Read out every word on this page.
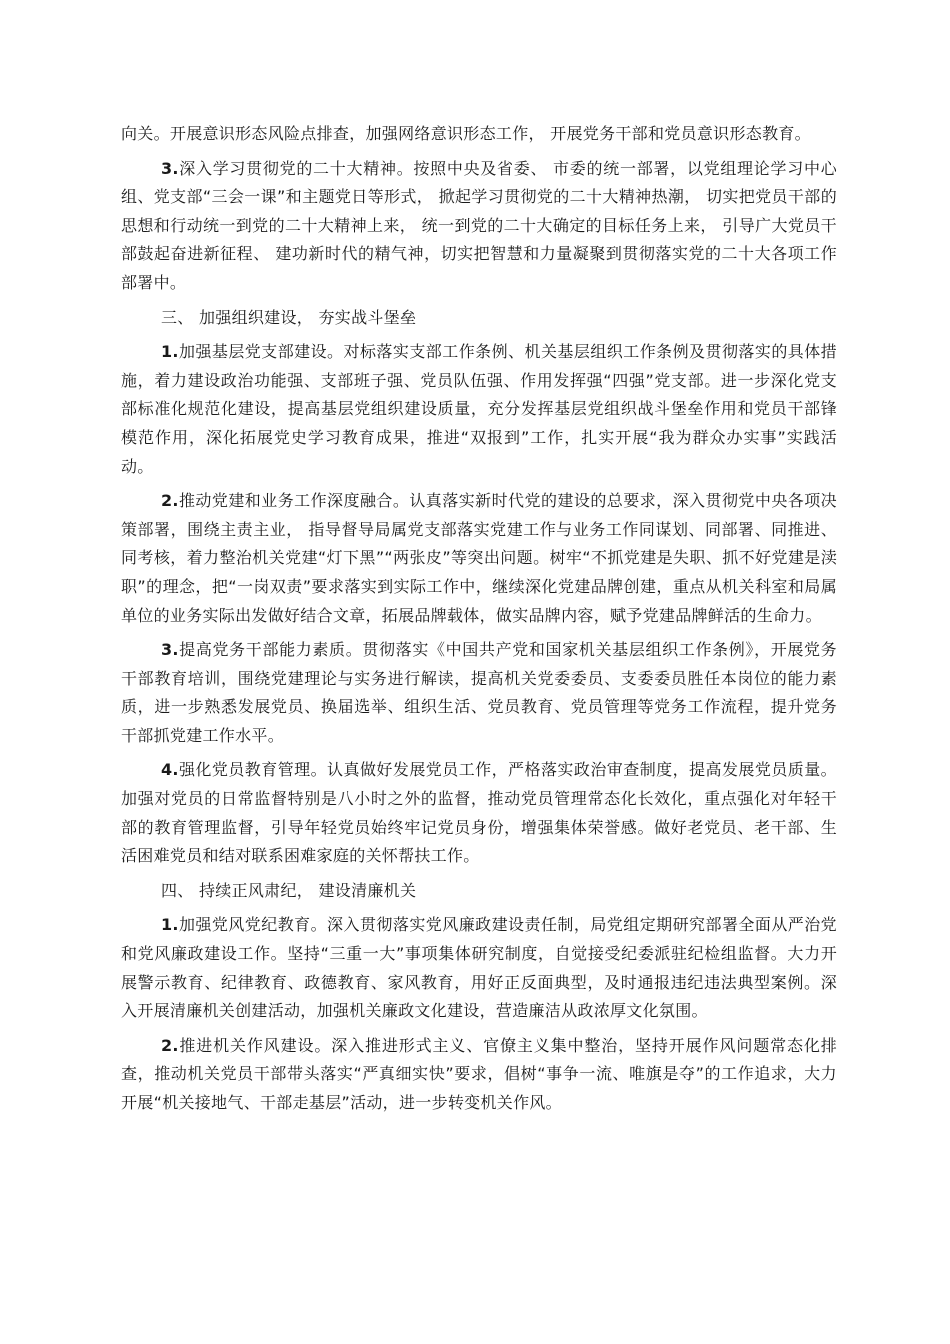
向关。开展意识形态风险点排查，加强网络意识形态工作， 开展党务干部和党员意识形态教育。

3.深入学习贯彻党的二十大精神。按照中央及省委、 市委的统一部署，以党组理论学习中心组、党支部“三会一课”和主题党日等形式， 掀起学习贯彻党的二十大精神热潮， 切实把党员干部的思想和行动统一到党的二十大精神上来， 统一到党的二十大确定的目标任务上来， 引导广大党员干部鼓起奋进新征程、 建功新时代的精气神，切实把智慧和力量凝聚到贯彻落实党的二十大各项工作部署中。

三、 加强组织建设， 夯实战斗堡垒

1.加强基层党支部建设。对标落实支部工作条例、机关基层组织工作条例及贯彻落实的具体措施，着力建设政治功能强、支部班子强、党员队伍强、作用发挥强“四强”党支部。进一步深化党支部标准化规范化建设，提高基层党组织建设质量，充分发挥基层党组织战斗堡垒作用和党员干部锋模范作用，深化拓展党史学习教育成果，推进“双报到”工作，扎实开展“我为群众办实事”实践活动。

2.推动党建和业务工作深度融合。认真落实新时代党的建设的总要求，深入贯彻党中央各项决策部署，围绕主责主业， 指导督导局属党支部落实党建工作与业务工作同谋划、同部署、同推进、同考核，着力整治机关党建“灯下黑”“两张皮”等突出问题。树牢“不抓党建是失职、抓不好党建是渎职”的理念，把“一岗双责”要求落实到实际工作中，继续深化党建品牌创建，重点从机关科室和局属单位的业务实际出发做好结合文章，拓展品牌载体，做实品牌内容，赋予党建品牌鲜活的生命力。

3.提高党务干部能力素质。贯彻落实《中国共产党和国家机关基层组织工作条例》，开展党务干部教育培训，围绕党建理论与实务进行解读，提高机关党委委员、支委委员胜任本岗位的能力素质，进一步熟悉发展党员、换届选举、组织生活、党员教育、党员管理等党务工作流程，提升党务干部抓党建工作水平。

4.强化党员教育管理。认真做好发展党员工作，严格落实政治审查制度，提高发展党员质量。加强对党员的日常监督特别是八小时之外的监督，推动党员管理常态化长效化，重点强化对年轻干部的教育管理监督，引导年轻党员始终牢记党员身份，增强集体荣誉感。做好老党员、老干部、生活困难党员和结对联系困难家庭的关怀帮扶工作。

四、 持续正风肃纪， 建设清廉机关

1.加强党风党纪教育。深入贯彻落实党风廉政建设责任制，局党组定期研究部署全面从严治党和党风廉政建设工作。坚持“三重一大”事项集体研究制度，自觉接受纪委派驻纪检组监督。大力开展警示教育、纪律教育、政德教育、家风教育，用好正反面典型，及时通报违纪违法典型案例。深入开展清廉机关创建活动，加强机关廉政文化建设，营造廉洁从政浓厚文化氛围。

2.推进机关作风建设。深入推进形式主义、官僚主义集中整治，坚持开展作风问题常态化排查，推动机关党员干部带头落实“严真细实快”要求，倡树“事争一流、唯旗是夺”的工作追求，大力开展“机关接地气、干部走基层”活动，进一步转变机关作风。
